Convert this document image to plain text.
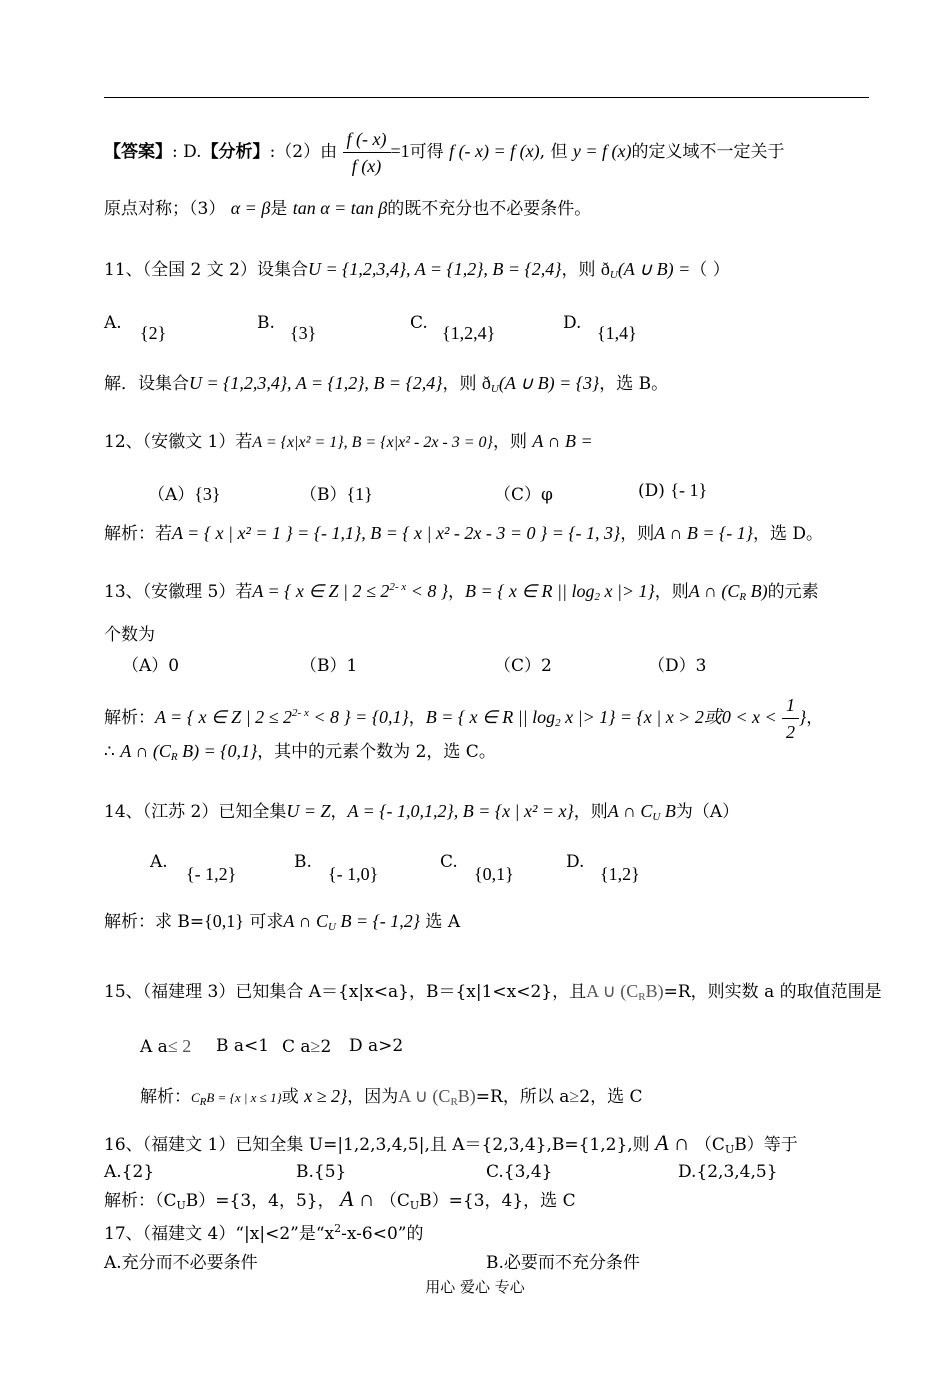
【答案】: D.【分析】:（2）由 $\frac{f (- x)}{f (x)} =1$可得 f (- x) = f (x), 但 y = f (x)的定义域不一定关于
原点对称；（3） α = β是 tan α = tan β的既不充分也不必要条件。
11、（全国 2 文 2）设集合U = {1,2,3,4}, A = {1,2}, B = {2,4}，则 $ð_U(A$ ∪ B) =（ ）
A. {2}	B. {3}	C. {1,2,4}	D. {1,4}
解．设集合U = {1,2,3,4}, A = {1,2}, B = {2,4}，则 $ð_U(A$ ∪ B) = {3}，选 B。
12、（安徽文 1）若A = {x|x² = 1}, B = {x|x² - 2x - 3 = 0}，则 A ∩ B =
（A）{3}	（B）{1}	（C）φ	(D) {- 1}
解析：若A = { x | x² = 1 } = {- 1,1}, B = { x | x² - 2x - 3 = 0 } = {- 1, 3}，则A ∩ B = {- 1}，选 D。
13、（安徽理 5）若A = { x ∈ Z | $2 \le 2^{2- x} < 8$ }，B = { x ∈ R || $\log_2 x$ |> 1}，则A ∩ ($C_R$ B)的元素
个数为
（A）0	（B）1	（C）2	（D）3
解析：A = { x ∈ Z | $2 \le 2^{2- x} < 8$ } = {0,1}，B = { x ∈ R || $\log_2 x$ |> 1} = {x | x > 2或$0 < x < \frac{1}{2}$ }，
∴ A ∩ ($C_R$ B) = {0,1}，其中的元素个数为 2，选 C。
14、（江苏 2）已知全集U = Z，A = {- 1,0,1,2}, B = {x | x² = x}，则A ∩ $C_U$ B为（A）
A.
{- 1,2}
B.
{- 1,0}
C.
{0,1}
D.
{1,2}
解析：求 B={0,1} 可求A ∩ $C_U$ B = {- 1,2} 选 A
15、（福建理 3）已知集合 A＝{x|x<a}，B＝{x|1<x<2}，且A ∪ $(C_RB)=R$，则实数 a 的取值范围是
A a≤ 2 B a<1 C a≥2 D a>2
解析：$C_RB = \{x$ | x ≤ 1}或 x ≥ 2}，因为A ∪ $(C_RB)=R$，所以 a≥2，选 C
16、（福建文 1）已知全集 U=|1,2,3,4,5|,且 A＝{2,3,4},B={1,2},则 A ∩ $(C_UB)$等于
A.{2}	B.{5}	C.{3,4}	D.{2,3,4,5}
解析：$(C_UB)=\{3$，4，5}， A ∩ $(C_UB)=\{3$，4}，选 C
17、（福建文 4）“|x|<2”是“$x^2-x-6<0$”的
A.充分而不必要条件	B.必要而不充分条件
用心 爱心 专心
